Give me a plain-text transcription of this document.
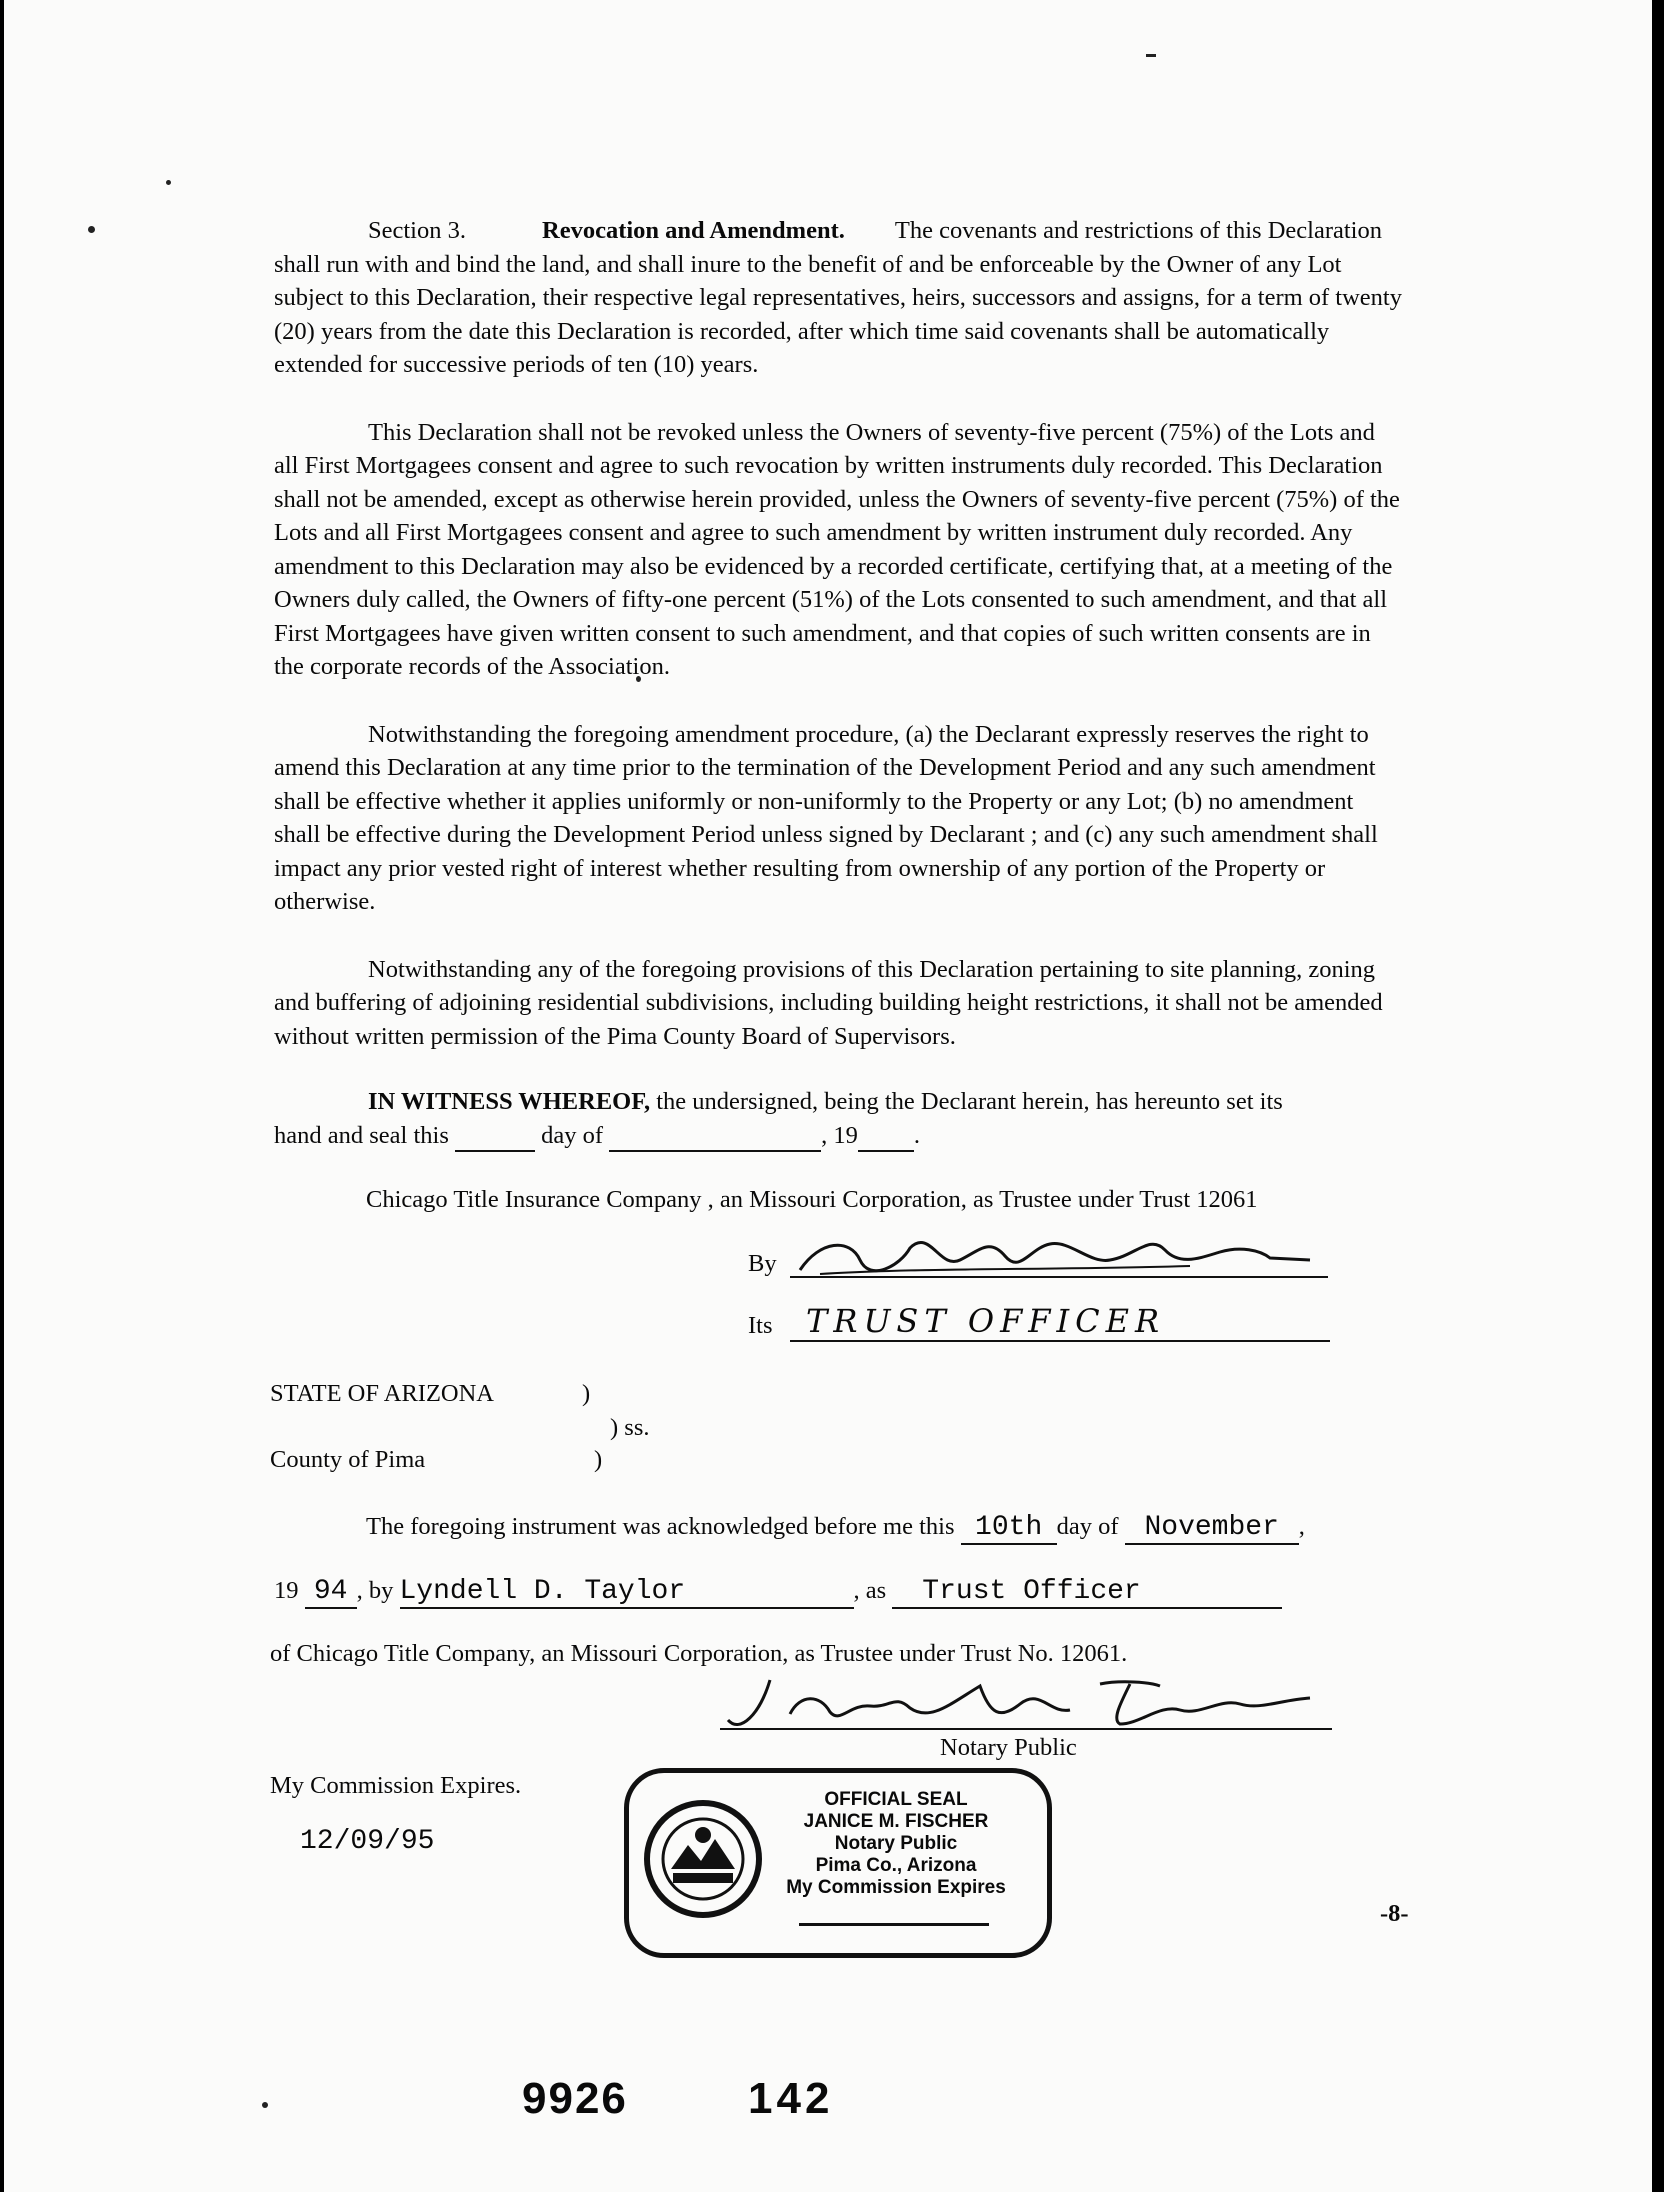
Section 3.	Revocation and Amendment. The covenants and restrictions of this Declaration shall run with and bind the land, and shall inure to the benefit of and be enforceable by the Owner of any Lot subject to this Declaration, their respective legal representatives, heirs, successors and assigns, for a term of twenty (20) years from the date this Declaration is recorded, after which time said covenants shall be automatically extended for successive periods of ten (10) years.

This Declaration shall not be revoked unless the Owners of seventy-five percent (75%) of the Lots and all First Mortgagees consent and agree to such revocation by written instruments duly recorded. This Declaration shall not be amended, except as otherwise herein provided, unless the Owners of seventy-five percent (75%) of the Lots and all First Mortgagees consent and agree to such amendment by written instrument duly recorded. Any amendment to this Declaration may also be evidenced by a recorded certificate, certifying that, at a meeting of the Owners duly called, the Owners of fifty-one percent (51%) of the Lots consented to such amendment, and that all First Mortgagees have given written consent to such amendment, and that copies of such written consents are in the corporate records of the Association.

Notwithstanding the foregoing amendment procedure, (a) the Declarant expressly reserves the right to amend this Declaration at any time prior to the termination of the Development Period and any such amendment shall be effective whether it applies uniformly or non-uniformly to the Property or any Lot; (b) no amendment shall be effective during the Development Period unless signed by Declarant ; and (c) any such amendment shall impact any prior vested right of interest whether resulting from ownership of any portion of the Property or otherwise.

Notwithstanding any of the foregoing provisions of this Declaration pertaining to site planning, zoning and buffering of adjoining residential subdivisions, including building height restrictions, it shall not be amended without written permission of the Pima County Board of Supervisors.

IN WITNESS WHEREOF, the undersigned, being the Declarant herein, has hereunto set its
hand and seal this	day of	, 19 .
Chicago Title Insurance Company , an Missouri Corporation, as Trustee under Trust 12061
By
Its TRUST OFFICER
STATE OF ARIZONA	)
) ss.
County of Pima	)
The foregoing instrument was acknowledged before me this 10th day of November ,
19 94 , by Lyndell D. Taylor	, as Trust Officer
of Chicago Title Company, an Missouri Corporation, as Trustee under Trust No. 12061.
Notary Public
My Commission Expires.
12/09/95
OFFICIAL SEAL
JANICE M. FISCHER
Notary Public
Pima Co., Arizona
My Commission Expires
-8-
9926	142
